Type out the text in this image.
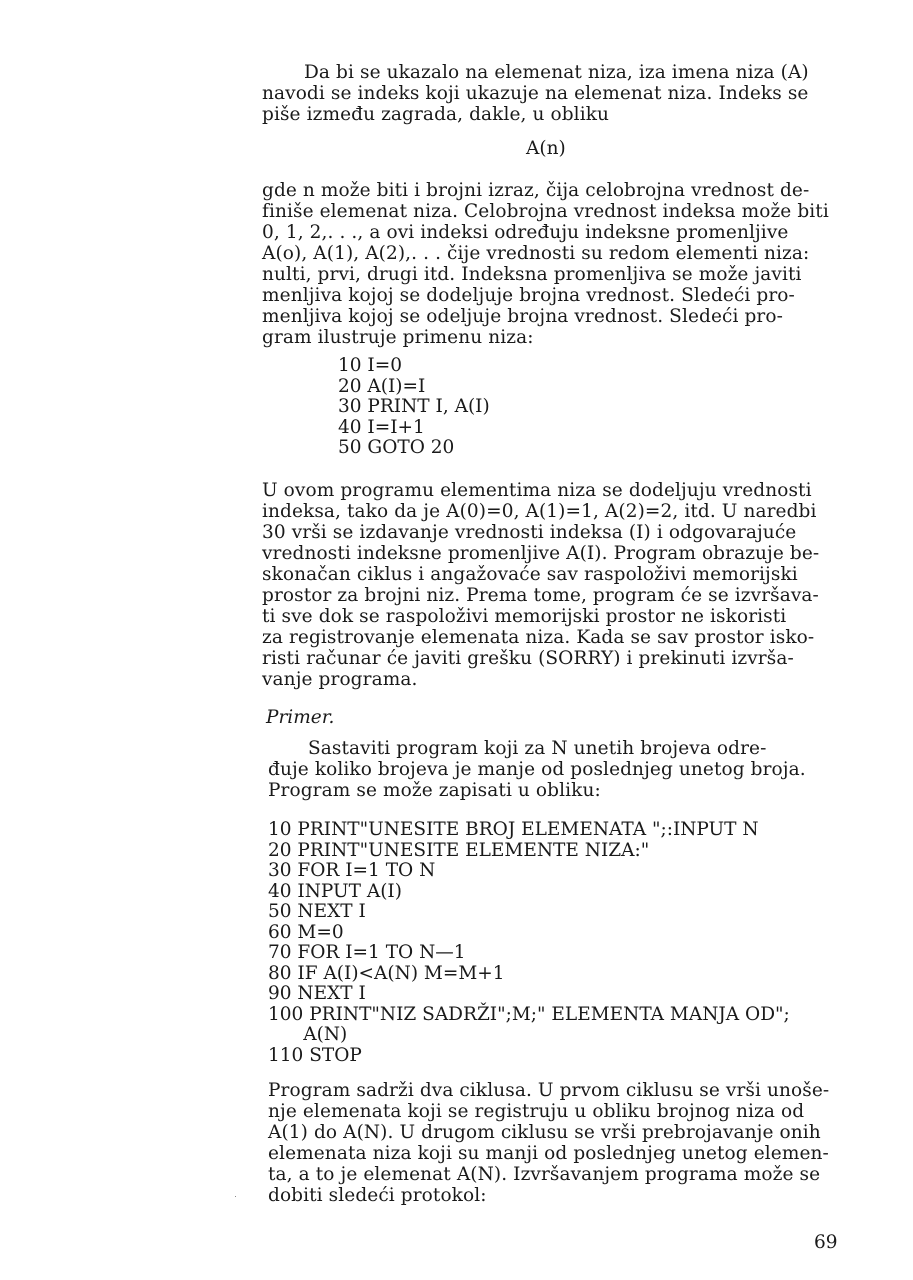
Da bi se ukazalo na elemenat niza, iza imena niza (A)

navodi se indeks koji ukazuje na elemenat niza. Indeks se

piše između zagrada, dakle, u obliku

A(n)

gde n može biti i brojni izraz, čija celobrojna vrednost de-

finiše elemenat niza. Celobrojna vrednost indeksa može biti

0, 1, 2,. . ., a ovi indeksi određuju indeksne promenljive

A(o), A(1), A(2),. . . čije vrednosti su redom elementi niza:

nulti, prvi, drugi itd. Indeksna promenljiva se može javiti

menljiva kojoj se dodeljuje brojna vrednost. Sledeći pro-

menljiva kojoj se odeljuje brojna vrednost. Sledeći pro-

gram ilustruje primenu niza:

10 I=0

20 A(I)=I

30 PRINT I, A(I)

40 I=I+1

50 GOTO 20

U ovom programu elementima niza se dodeljuju vrednosti

indeksa, tako da je A(0)=0, A(1)=1, A(2)=2, itd. U naredbi

30 vrši se izdavanje vrednosti indeksa (I) i odgovarajuće

vrednosti indeksne promenljive A(I). Program obrazuje be-

skonačan ciklus i angažovaće sav raspoloživi memorijski

prostor za brojni niz. Prema tome, program će se izvršava-

ti sve dok se raspoloživi memorijski prostor ne iskoristi

za registrovanje elemenata niza. Kada se sav prostor isko-

risti računar će javiti grešku (SORRY) i prekinuti izvrša-

vanje programa.

Primer.

Sastaviti program koji za N unetih brojeva odre-

đuje koliko brojeva je manje od poslednjeg unetog broja.

Program se može zapisati u obliku:

10 PRINT"UNESITE BROJ ELEMENATA ";:INPUT N

20 PRINT"UNESITE ELEMENTE NIZA:"

30 FOR I=1 TO N

40 INPUT A(I)

50 NEXT I

60 M=0

70 FOR I=1 TO N—1

80 IF A(I)<A(N) M=M+1

90 NEXT I

100 PRINT"NIZ SADRŽI";M;" ELEMENTA MANJA OD";

A(N)

110 STOP

Program sadrži dva ciklusa. U prvom ciklusu se vrši unoše-

nje elemenata koji se registruju u obliku brojnog niza od

A(1) do A(N). U drugom ciklusu se vrši prebrojavanje onih

elemenata niza koji su manji od poslednjeg unetog elemen-

ta, a to je elemenat A(N). Izvršavanjem programa može se

dobiti sledeći protokol:

69
